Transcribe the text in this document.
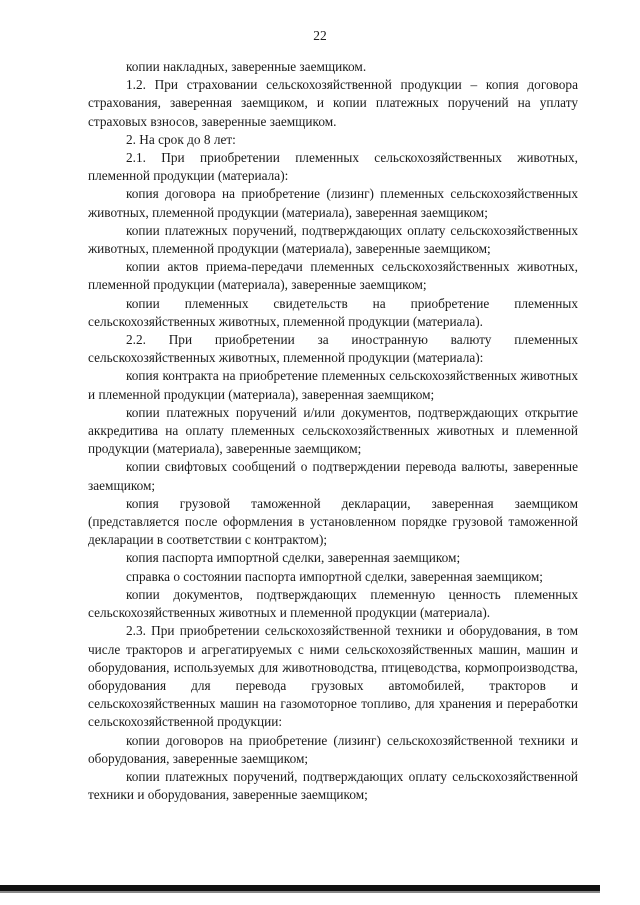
22

копии накладных, заверенные заемщиком.

1.2. При страховании сельскохозяйственной продукции – копия договора страхования, заверенная заемщиком, и копии платежных поручений на уплату страховых взносов, заверенные заемщиком.

2. На срок до 8 лет:

2.1. При приобретении племенных сельскохозяйственных животных, племенной продукции (материала):

копия договора на приобретение (лизинг) племенных сельскохозяйственных животных, племенной продукции (материала), заверенная заемщиком;

копии платежных поручений, подтверждающих оплату сельскохозяйственных животных, племенной продукции (материала), заверенные заемщиком;

копии актов приема-передачи племенных сельскохозяйственных животных, племенной продукции (материала), заверенные заемщиком;

копии племенных свидетельств на приобретение племенных сельскохозяйственных животных, племенной продукции (материала).

2.2. При приобретении за иностранную валюту племенных сельскохозяйственных животных, племенной продукции (материала):

копия контракта на приобретение племенных сельскохозяйственных животных и племенной продукции (материала), заверенная заемщиком;

копии платежных поручений и/или документов, подтверждающих открытие аккредитива на оплату племенных сельскохозяйственных животных и племенной продукции (материала), заверенные заемщиком;

копии свифтовых сообщений о подтверждении перевода валюты, заверенные заемщиком;

копия грузовой таможенной декларации, заверенная заемщиком (представляется после оформления в установленном порядке грузовой таможенной декларации в соответствии с контрактом);

копия паспорта импортной сделки, заверенная заемщиком;

справка о состоянии паспорта импортной сделки, заверенная заемщиком;

копии документов, подтверждающих племенную ценность племенных сельскохозяйственных животных и племенной продукции (материала).

2.3. При приобретении сельскохозяйственной техники и оборудования, в том числе тракторов и агрегатируемых с ними сельскохозяйственных машин, машин и оборудования, используемых для животноводства, птицеводства, кормопроизводства, оборудования для перевода грузовых автомобилей, тракторов и сельскохозяйственных машин на газомоторное топливо, для хранения и переработки сельскохозяйственной продукции:

копии договоров на приобретение (лизинг) сельскохозяйственной техники и оборудования, заверенные заемщиком;

копии платежных поручений, подтверждающих оплату сельскохозяйственной техники и оборудования, заверенные заемщиком;
